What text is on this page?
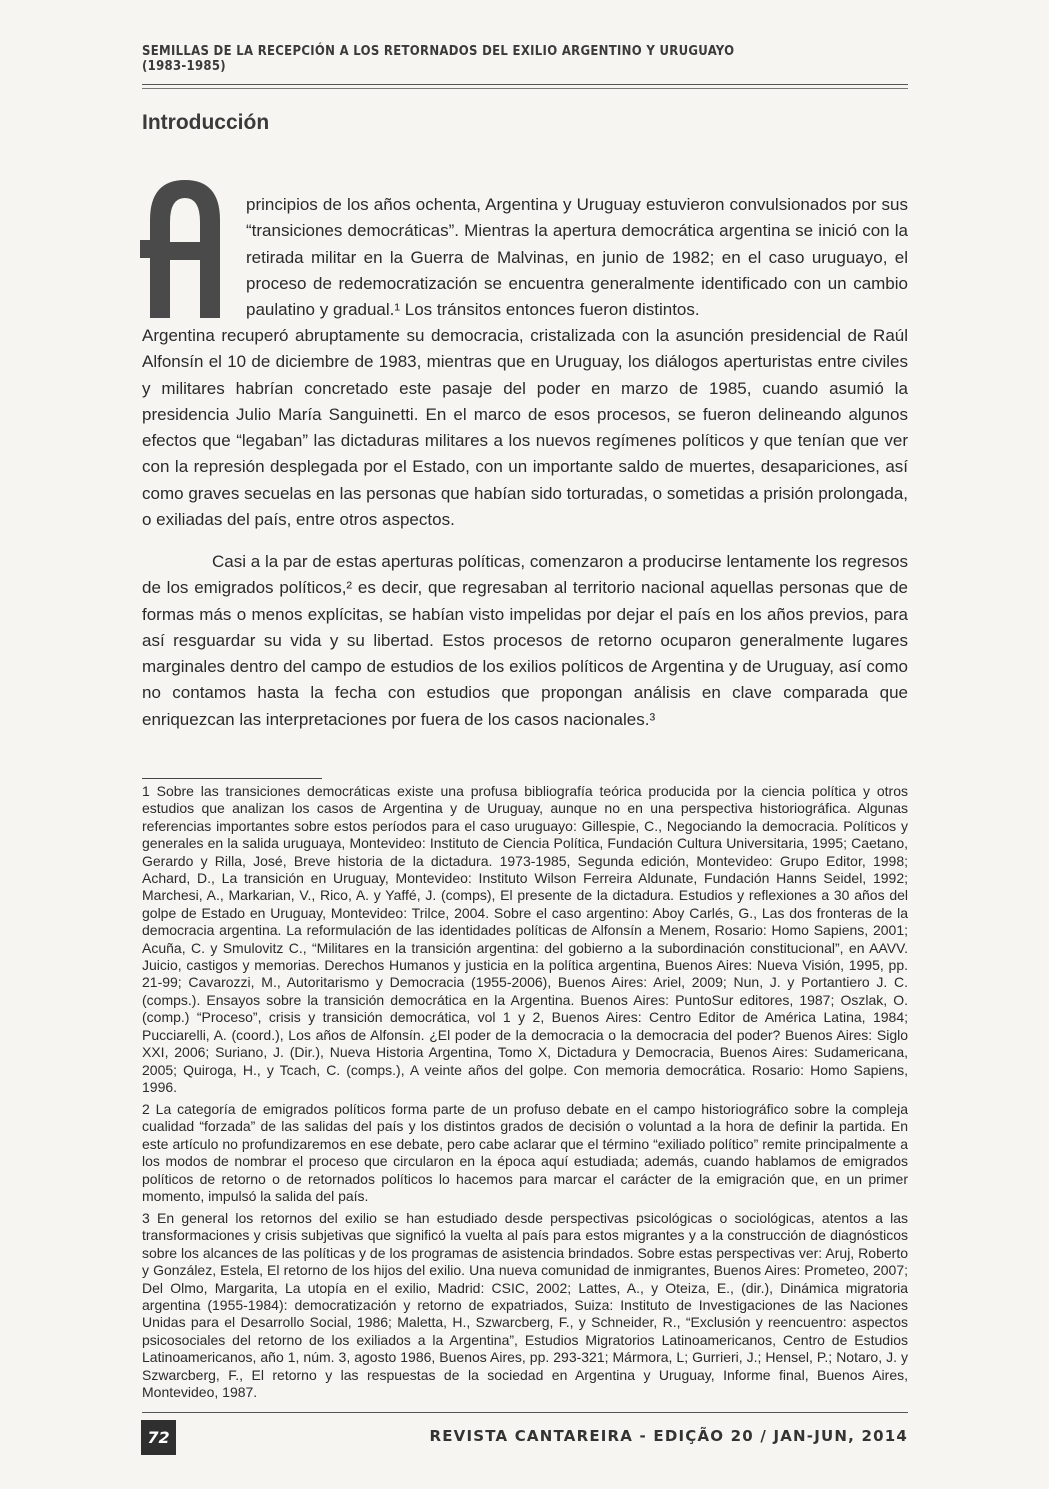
SEMILLAS DE LA RECEPCIÓN A LOS RETORNADOS DEL EXILIO ARGENTINO Y URUGUAYO
(1983-1985)
Introducción
principios de los años ochenta, Argentina y Uruguay estuvieron convulsionados por sus “transiciones democráticas”. Mientras la apertura democrática argentina se inició con la retirada militar en la Guerra de Malvinas, en junio de 1982; en el caso uruguayo, el proceso de redemocratización se encuentra generalmente identificado con un cambio paulatino y gradual.¹ Los tránsitos entonces fueron distintos.
Argentina recuperó abruptamente su democracia, cristalizada con la asunción presidencial de Raúl Alfonsín el 10 de diciembre de 1983, mientras que en Uruguay, los diálogos aperturistas entre civiles y militares habrían concretado este pasaje del poder en marzo de 1985, cuando asumió la presidencia Julio María Sanguinetti. En el marco de esos procesos, se fueron delineando algunos efectos que “legaban” las dictaduras militares a los nuevos regímenes políticos y que tenían que ver con la represión desplegada por el Estado, con un importante saldo de muertes, desapariciones, así como graves secuelas en las personas que habían sido torturadas, o sometidas a prisión prolongada, o exiliadas del país, entre otros aspectos.
Casi a la par de estas aperturas políticas, comenzaron a producirse lentamente los regresos de los emigrados políticos,² es decir, que regresaban al territorio nacional aquellas personas que de formas más o menos explícitas, se habían visto impelidas por dejar el país en los años previos, para así resguardar su vida y su libertad. Estos procesos de retorno ocuparon generalmente lugares marginales dentro del campo de estudios de los exilios políticos de Argentina y de Uruguay, así como no contamos hasta la fecha con estudios que propongan análisis en clave comparada que enriquezcan las interpretaciones por fuera de los casos nacionales.³
1 Sobre las transiciones democráticas existe una profusa bibliografía teórica producida por la ciencia política y otros estudios que analizan los casos de Argentina y de Uruguay, aunque no en una perspectiva historiográfica. Algunas referencias importantes sobre estos períodos para el caso uruguayo: Gillespie, C., Negociando la democracia. Políticos y generales en la salida uruguaya, Montevideo: Instituto de Ciencia Política, Fundación Cultura Universitaria, 1995; Caetano, Gerardo y Rilla, José, Breve historia de la dictadura. 1973-1985, Segunda edición, Montevideo: Grupo Editor, 1998; Achard, D., La transición en Uruguay, Montevideo: Instituto Wilson Ferreira Aldunate, Fundación Hanns Seidel, 1992; Marchesi, A., Markarian, V., Rico, A. y Yaffé, J. (comps), El presente de la dictadura. Estudios y reflexiones a 30 años del golpe de Estado en Uruguay, Montevideo: Trilce, 2004. Sobre el caso argentino: Aboy Carlés, G., Las dos fronteras de la democracia argentina. La reformulación de las identidades políticas de Alfonsín a Menem, Rosario: Homo Sapiens, 2001; Acuña, C. y Smulovitz C., “Militares en la transición argentina: del gobierno a la subordinación constitucional”, en AAVV. Juicio, castigos y memorias. Derechos Humanos y justicia en la política argentina, Buenos Aires: Nueva Visión, 1995, pp. 21-99; Cavarozzi, M., Autoritarismo y Democracia (1955-2006), Buenos Aires: Ariel, 2009; Nun, J. y Portantiero J. C. (comps.). Ensayos sobre la transición democrática en la Argentina. Buenos Aires: PuntoSur editores, 1987; Oszlak, O. (comp.) “Proceso”, crisis y transición democrática, vol 1 y 2, Buenos Aires: Centro Editor de América Latina, 1984; Pucciarelli, A. (coord.), Los años de Alfonsín. ¿El poder de la democracia o la democracia del poder? Buenos Aires: Siglo XXI, 2006; Suriano, J. (Dir.), Nueva Historia Argentina, Tomo X, Dictadura y Democracia, Buenos Aires: Sudamericana, 2005; Quiroga, H., y Tcach, C. (comps.), A veinte años del golpe. Con memoria democrática. Rosario: Homo Sapiens, 1996.
2 La categoría de emigrados políticos forma parte de un profuso debate en el campo historiográfico sobre la compleja cualidad “forzada” de las salidas del país y los distintos grados de decisión o voluntad a la hora de definir la partida. En este artículo no profundizaremos en ese debate, pero cabe aclarar que el término “exiliado político” remite principalmente a los modos de nombrar el proceso que circularon en la época aquí estudiada; además, cuando hablamos de emigrados políticos de retorno o de retornados políticos lo hacemos para marcar el carácter de la emigración que, en un primer momento, impulsó la salida del país.
3 En general los retornos del exilio se han estudiado desde perspectivas psicológicas o sociológicas, atentos a las transformaciones y crisis subjetivas que significó la vuelta al país para estos migrantes y a la construcción de diagnósticos sobre los alcances de las políticas y de los programas de asistencia brindados. Sobre estas perspectivas ver: Aruj, Roberto y González, Estela, El retorno de los hijos del exilio. Una nueva comunidad de inmigrantes, Buenos Aires: Prometeo, 2007; Del Olmo, Margarita, La utopía en el exilio, Madrid: CSIC, 2002; Lattes, A., y Oteiza, E., (dir.), Dinámica migratoria argentina (1955-1984): democratización y retorno de expatriados, Suiza: Instituto de Investigaciones de las Naciones Unidas para el Desarrollo Social, 1986; Maletta, H., Szwarcberg, F., y Schneider, R., “Exclusión y reencuentro: aspectos psicosociales del retorno de los exiliados a la Argentina”, Estudios Migratorios Latinoamericanos, Centro de Estudios Latinoamericanos, año 1, núm. 3, agosto 1986, Buenos Aires, pp. 293-321; Mármora, L; Gurrieri, J.; Hensel, P.; Notaro, J. y Szwarcberg, F., El retorno y las respuestas de la sociedad en Argentina y Uruguay, Informe final, Buenos Aires, Montevideo, 1987.
72	REVISTA CANTAREIRA - EDIÇÃO 20 / JAN-JUN, 2014
